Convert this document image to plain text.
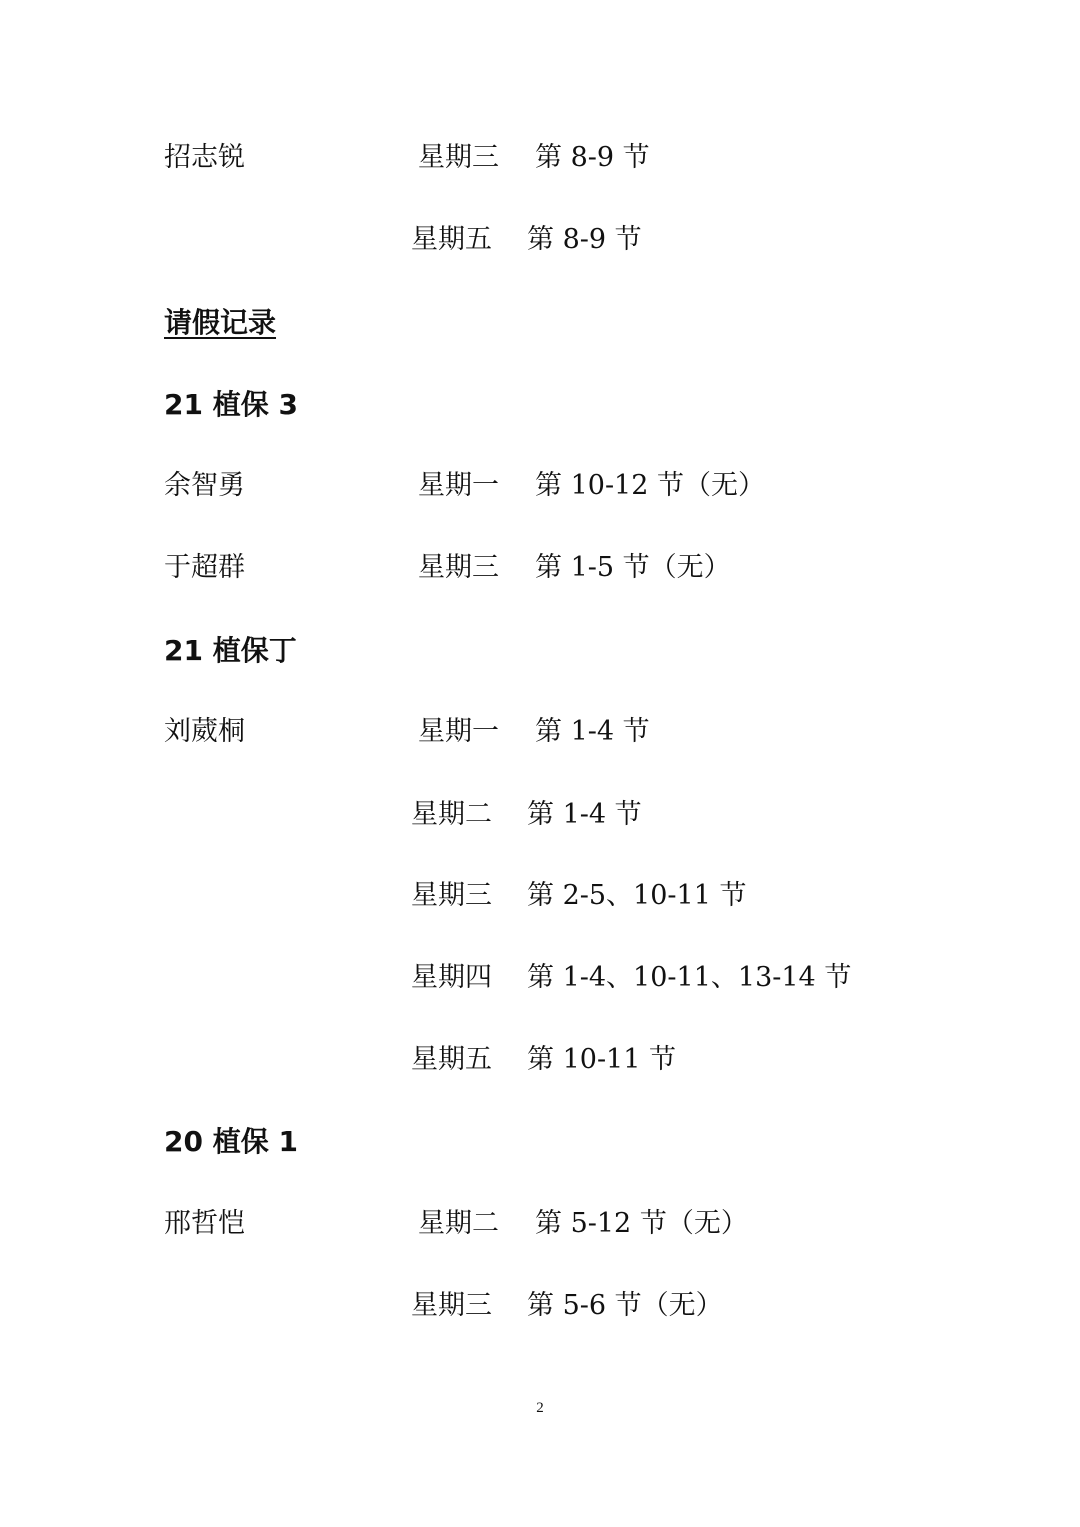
招志锐	星期三 第 8-9 节
星期五 第 8-9 节
请假记录
21 植保 3
余智勇	星期一 第 10-12 节（无）
于超群	星期三 第 1-5 节（无）
21 植保丁
刘葳桐	星期一 第 1-4 节
星期二 第 1-4 节
星期三 第 2-5、10-11 节
星期四 第 1-4、10-11、13-14 节
星期五 第 10-11 节
20 植保 1
邢哲恺	星期二 第 5-12 节（无）
星期三 第 5-6 节（无）
2
